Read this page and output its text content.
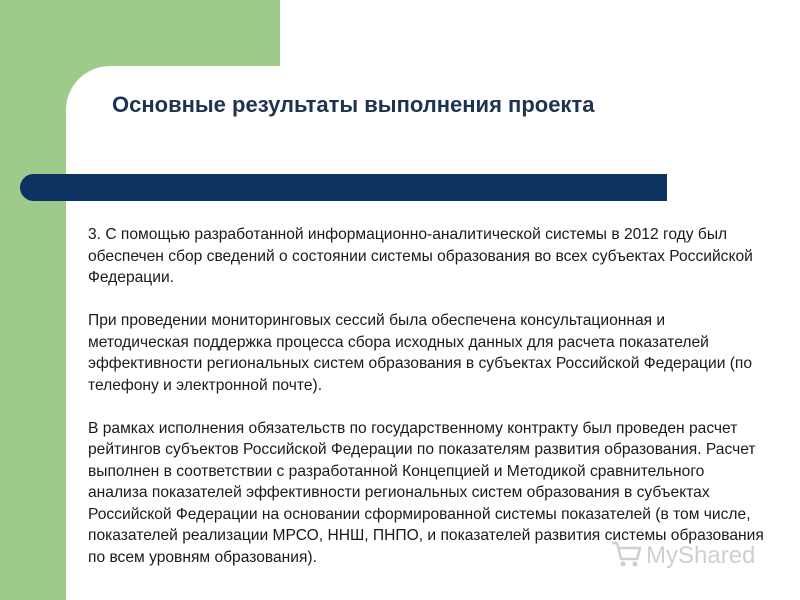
Основные результаты выполнения проекта

3. С помощью разработанной информационно-аналитической системы в 2012 году был обеспечен сбор сведений о состоянии системы образования во всех субъектах Российской Федерации.

При проведении мониторинговых сессий была обеспечена консультационная и методическая поддержка процесса сбора исходных данных для расчета показателей эффективности региональных систем образования в субъектах Российской Федерации (по телефону и электронной почте).

В рамках исполнения обязательств по государственному контракту был проведен расчет рейтингов субъектов Российской Федерации по показателям развития образования. Расчет выполнен в соответствии с разработанной Концепцией и Методикой сравнительного анализа показателей эффективности региональных систем образования в субъектах Российской Федерации на основании сформированной системы показателей (в том числе, показателей реализации МРСО, ННШ, ПНПО, и показателей развития системы образования по всем уровням образования).	MyShared
